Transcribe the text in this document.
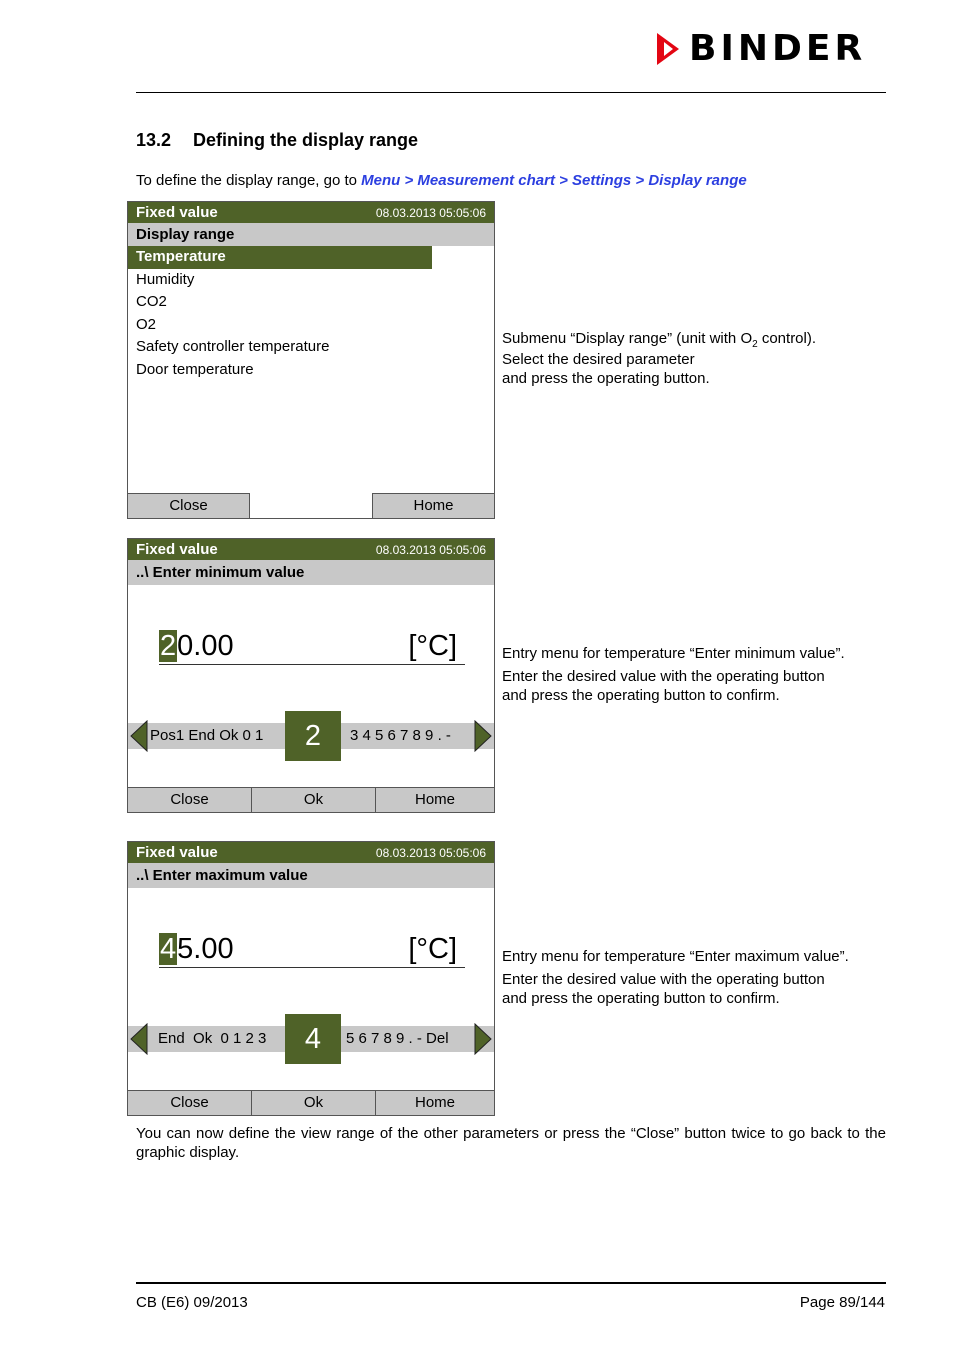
BINDER
13.2 Defining the display range
To define the display range, go to Menu > Measurement chart > Settings > Display range
Fixed value	08.03.2013 05:05:06
Display range
Temperature
Humidity
CO2
O2
Safety controller temperature
Door temperature
Close	Home

Submenu “Display range” (unit with $O_2$ control).

Select the desired parameter

and press the operating button.

Fixed value	08.03.2013 05:05:06
..\ Enter minimum value
20.00	[°C]
Pos1 End Ok 0 1	2	3 4 5 6 7 8 9 . -
Close	Ok	Home

Entry menu for temperature “Enter minimum value”.

Enter the desired value with the operating button

and press the operating button to confirm.

Fixed value	08.03.2013 05:05:06
..\ Enter maximum value
45.00	[°C]
End  Ok  0 1 2 3	4	5 6 7 8 9 . - Del
Close	Ok	Home

Entry menu for temperature “Enter maximum value”.

Enter the desired value with the operating button

and press the operating button to confirm.

You can now define the view range of the other parameters or press the “Close” button twice to go back to the graphic display.
CB (E6) 09/2013	Page 89/144
